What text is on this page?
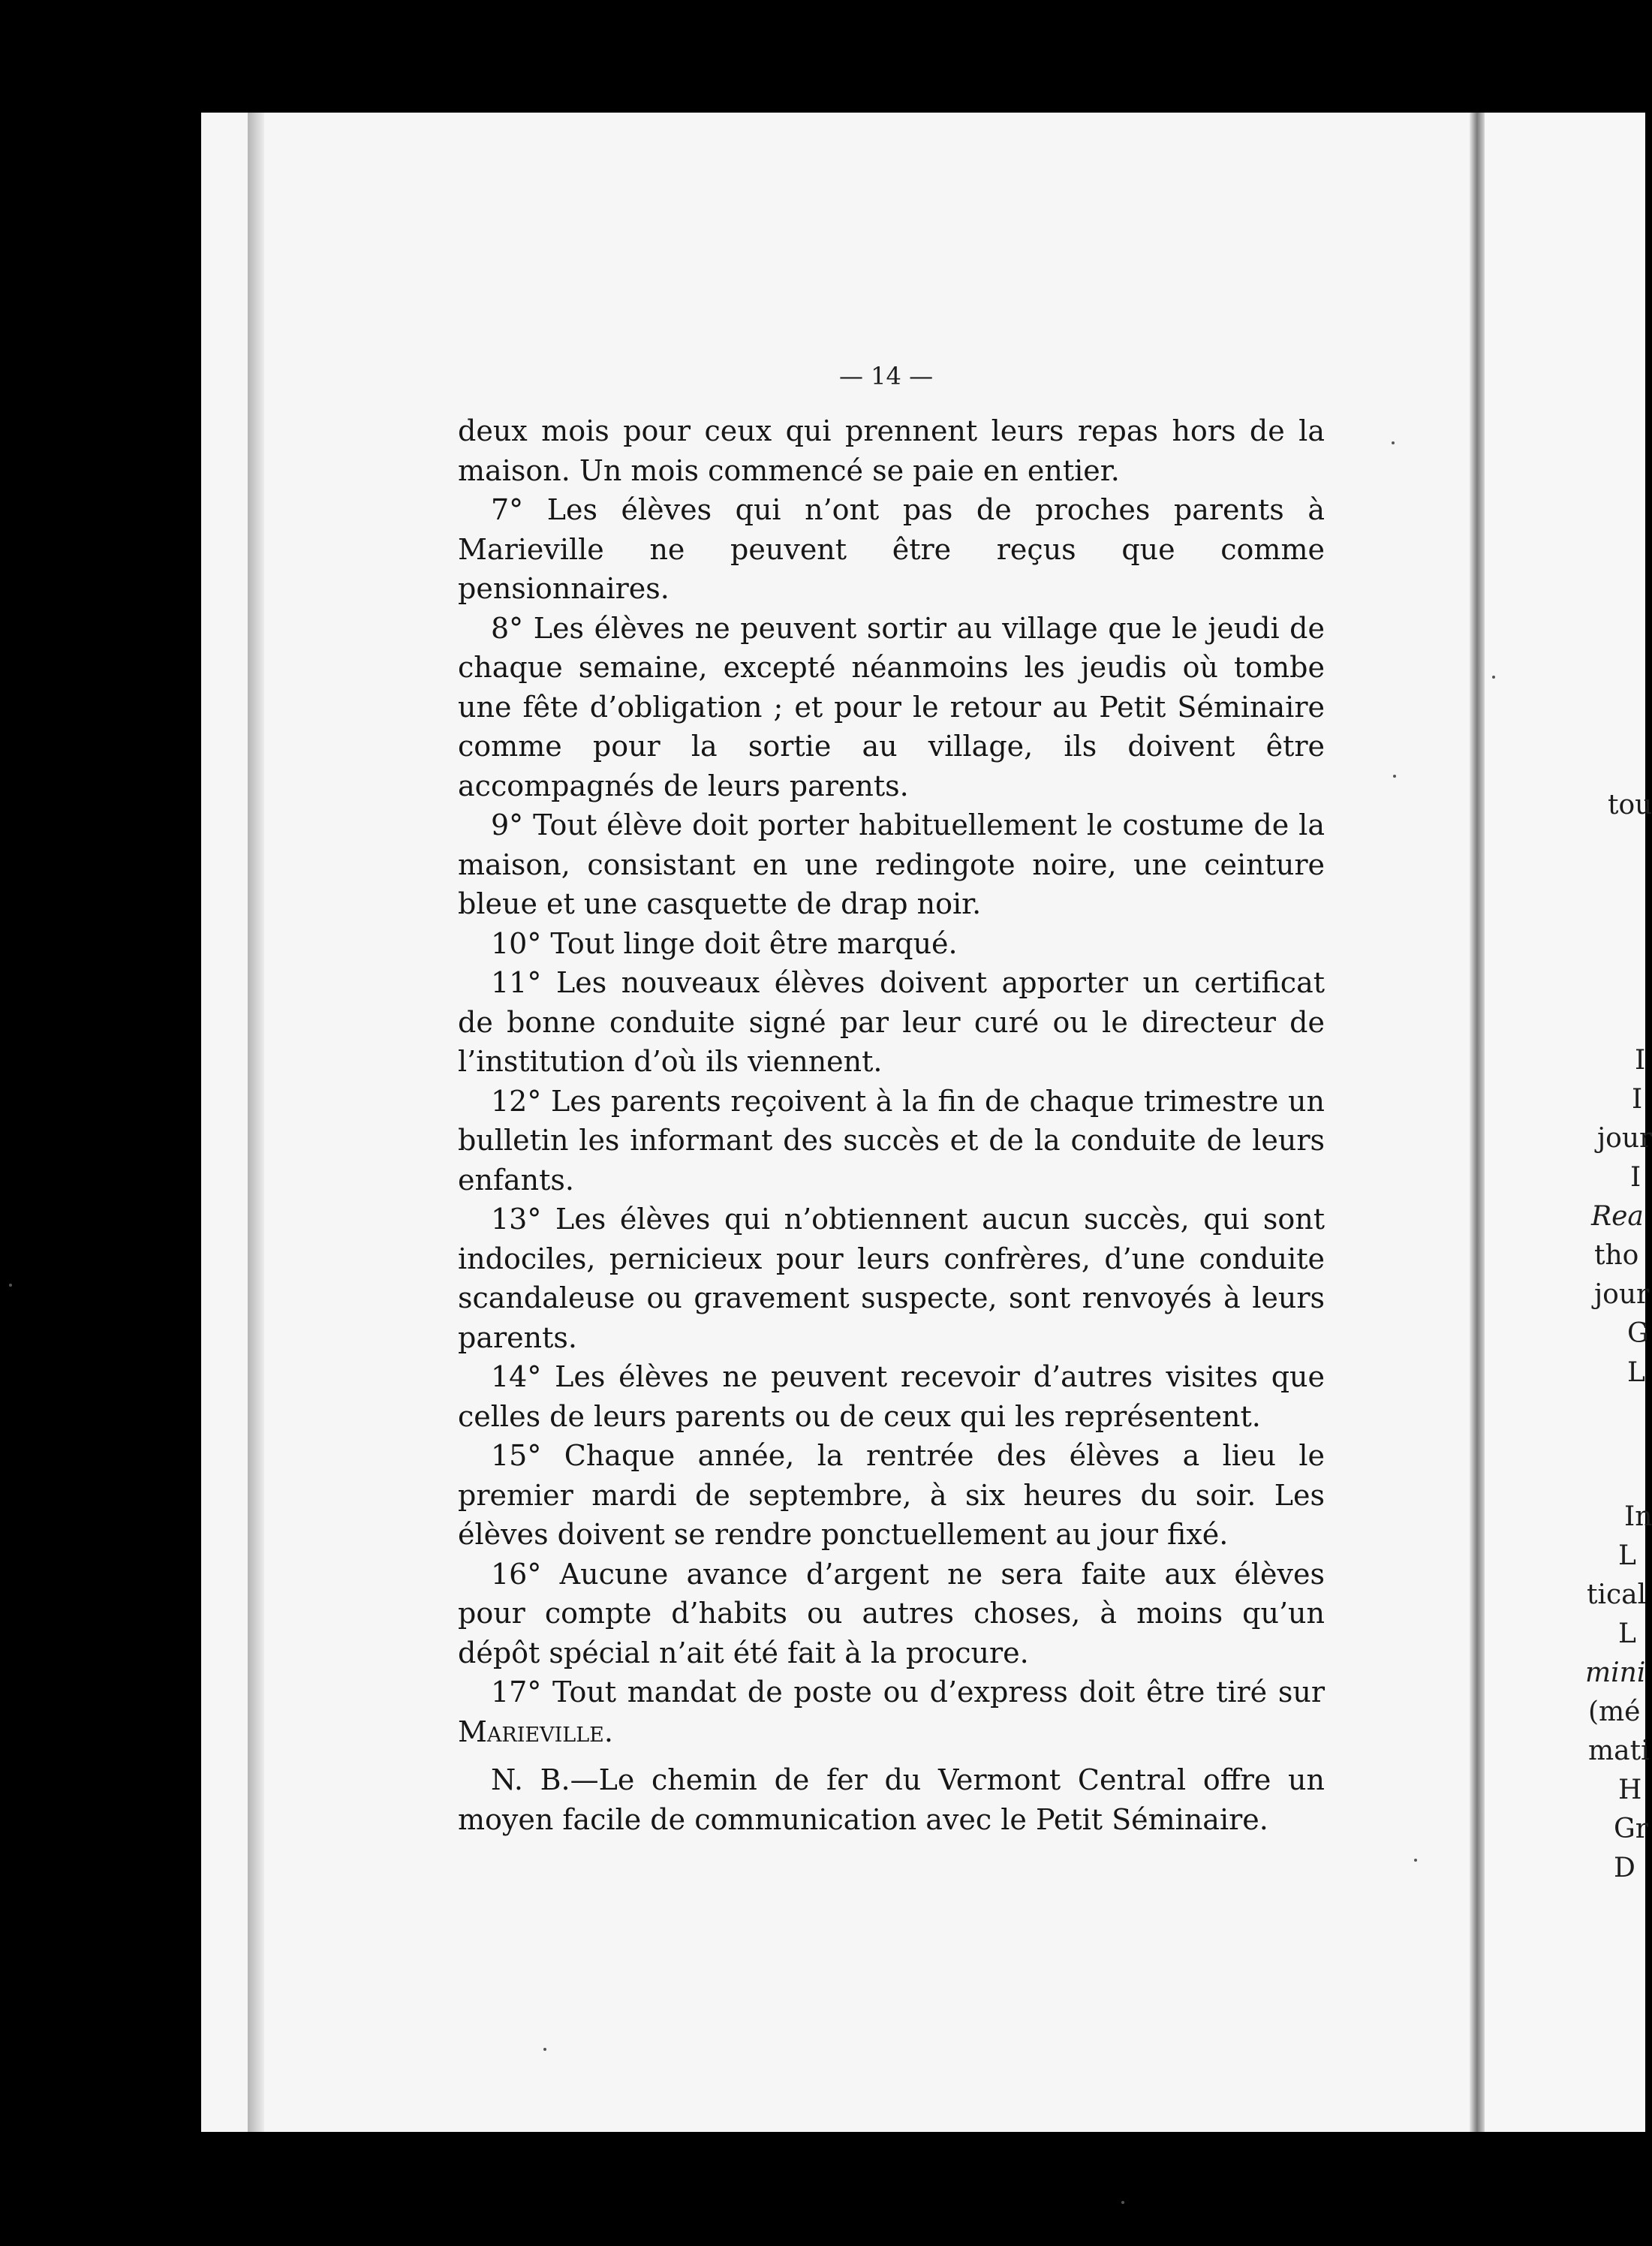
— 14 —

deux mois pour ceux qui prennent leurs repas hors de la maison. Un mois commencé se paie en entier.

7° Les élèves qui n’ont pas de proches parents à Marieville ne peuvent être reçus que comme pensionnaires.

8° Les élèves ne peuvent sortir au village que le jeudi de chaque semaine, excepté néanmoins les jeudis où tombe une fête d’obligation ; et pour le retour au Petit Séminaire comme pour la sortie au village, ils doivent être accompagnés de leurs parents.

9° Tout élève doit porter habituellement le costume de la maison, consistant en une redingote noire, une ceinture bleue et une casquette de drap noir.

10° Tout linge doit être marqué.

11° Les nouveaux élèves doivent apporter un certificat de bonne conduite signé par leur curé ou le directeur de l’institution d’où ils viennent.

12° Les parents reçoivent à la fin de chaque trimestre un bulletin les informant des succès et de la conduite de leurs enfants.

13° Les élèves qui n’obtiennent aucun succès, qui sont indociles, pernicieux pour leurs confrères, d’une conduite scandaleuse ou gravement suspecte, sont renvoyés à leurs parents.

14° Les élèves ne peuvent recevoir d’autres visites que celles de leurs parents ou de ceux qui les représentent.

15° Chaque année, la rentrée des élèves a lieu le premier mardi de septembre, à six heures du soir. Les élèves doivent se rendre ponctuellement au jour fixé.

16° Aucune avance d’argent ne sera faite aux élèves pour compte d’habits ou autres choses, à moins qu’un dépôt spécial n’ait été fait à la procure.

17° Tout mandat de poste ou d’express doit être tiré sur Marieville.

N. B.—Le chemin de fer du Vermont Central offre un moyen facile de communication avec le Petit Séminaire.

tou
I
I
jour
I
Rea
tho
jour
G
L
In
L
tical
L
mini
(mé
mati
H
Gr
D
